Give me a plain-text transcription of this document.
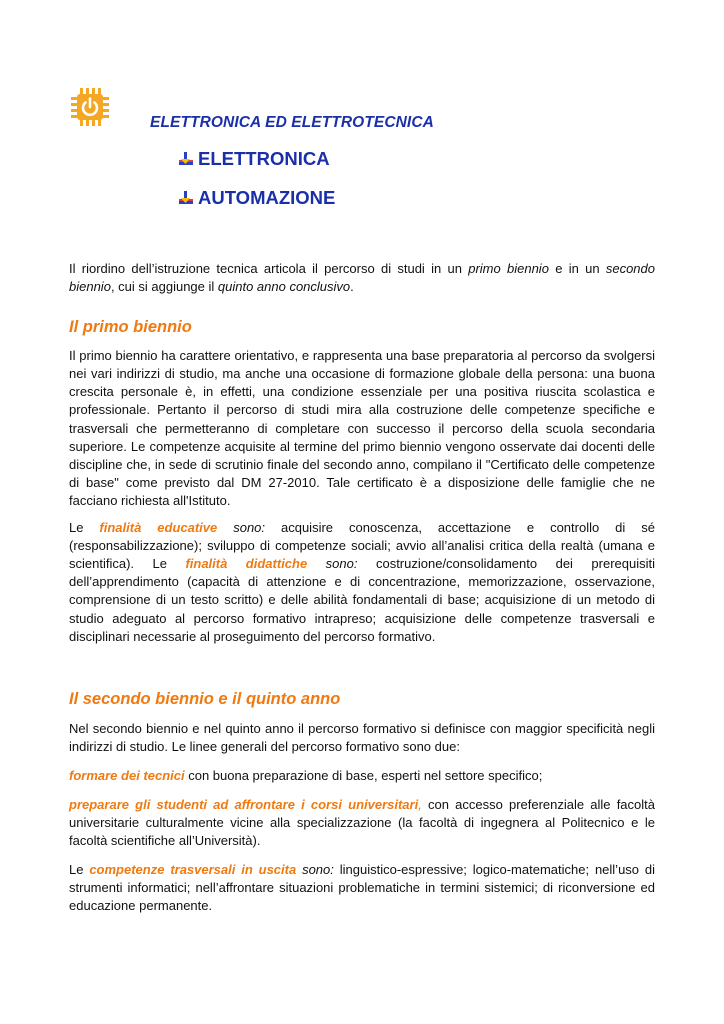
ELETTRONICA ED ELETTROTECNICA
ELETTRONICA
AUTOMAZIONE

Il riordino dell’istruzione tecnica articola il percorso di studi in un primo biennio e in un secondo biennio, cui si aggiunge il quinto anno conclusivo.

Il primo biennio

Il primo biennio ha carattere orientativo, e rappresenta una base preparatoria al percorso da svolgersi nei vari indirizzi di studio, ma anche una occasione di formazione globale della persona: una buona crescita personale è, in effetti, una condizione essenziale per una positiva riuscita scolastica e professionale. Pertanto il percorso di studi mira alla costruzione delle competenze specifiche e trasversali che permetteranno di completare con successo il percorso della scuola secondaria superiore. Le competenze acquisite al termine del primo biennio vengono osservate dai docenti delle discipline che, in sede di scrutinio finale del secondo anno, compilano il "Certificato delle competenze di base" come previsto dal DM 27-2010. Tale certificato è a disposizione delle famiglie che ne facciano richiesta all'Istituto.

Le finalità educative sono: acquisire conoscenza, accettazione e controllo di sé (responsabilizzazione); sviluppo di competenze sociali; avvio all’analisi critica della realtà (umana e scientifica). Le finalità didattiche sono: costruzione/consolidamento dei prerequisiti dell’apprendimento (capacità di attenzione e di concentrazione, memorizzazione, osservazione, comprensione di un testo scritto) e delle abilità fondamentali di base; acquisizione di un metodo di studio adeguato al percorso formativo intrapreso; acquisizione delle competenze trasversali e disciplinari necessarie al proseguimento del percorso formativo.

Il secondo biennio e il quinto anno

Nel secondo biennio e nel quinto anno il percorso formativo si definisce con maggior specificità negli indirizzi di studio. Le linee generali del percorso formativo sono due:

formare dei tecnici con buona preparazione di base, esperti nel settore specifico;

preparare gli studenti ad affrontare i corsi universitari, con accesso preferenziale alle facoltà universitarie culturalmente vicine alla specializzazione (la facoltà di ingegnera al Politecnico e le facoltà scientifiche all’Università).

Le competenze trasversali in uscita sono: linguistico-espressive; logico-matematiche; nell’uso di strumenti informatici; nell’affrontare situazioni problematiche in termini sistemici; di riconversione ed educazione permanente.
